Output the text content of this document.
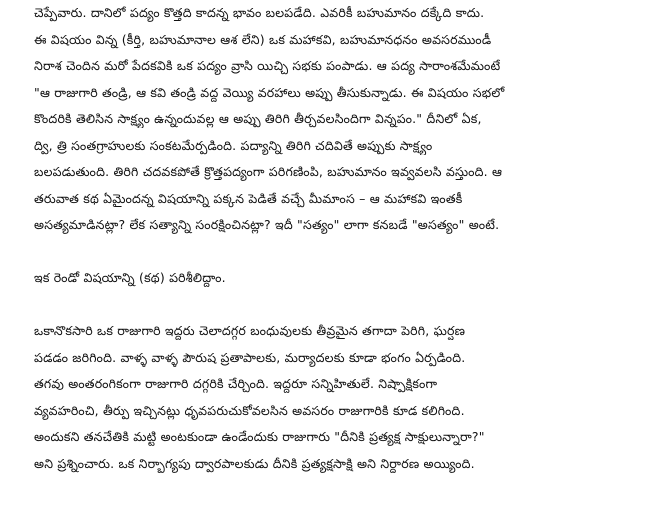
చెప్పేవారు. దానిలో పద్యం కొత్తది కాదన్న భావం బలపడేది. ఎవరికీ బహుమానం దక్కేది కాదు.
ఈ విషయం విన్న (కీర్తి, బహుమానాల ఆశ లేని) ఒక మహాకవి, బహుమానధనం అవసరముండీ
నిరాశ చెందిన మరో పేదకవికి ఒక పద్యం వ్రాసి యిచ్చి సభకు పంపాడు. ఆ పద్య సారాంశమేమంటే
"ఆ రాజుగారి తండ్రి, ఆ కవి తండ్రి వద్ద వెయ్యి వరహాలు అప్పు తీసుకున్నాడు. ఈ విషయం సభలో
కొందరికి తెలిసిన సాక్ష్యం ఉన్నందువల్ల ఆ అప్పు తిరిగి తీర్చవలసిందిగా విన్నపం." దీనిలో ఏక,
ద్వి, త్రి సంతగ్రాహులకు సంకటమేర్పడింది. పద్యాన్ని తిరిగి చదివితే అప్పుకు సాక్ష్యం
బలపడుతుంది. తిరిగి చదవకపోతే క్రొత్తపద్యంగా పరిగణింపి, బహుమానం ఇవ్వవలసి వస్తుంది. ఆ
తరువాత కథ ఏమైందన్న విషయాన్ని పక్కన పెడితే వచ్చే మీమాంస – ఆ మహాకవి ఇంతకీ
అసత్యమాడినట్లా? లేక సత్యాన్ని సంరక్షించినట్లా? ఇదీ "సత్యం" లాగా కనబడే "అసత్యం" అంటే.
ఇక రెండో విషయాన్ని (కథ) పరిశీలిద్దాం.
ఒకానొకసారి ఒక రాజుగారి ఇద్దరు చెలాదగ్గర బంధువులకు తీవ్రమైన తగాదా పెరిగి, ఘర్షణ
పడడం జరిగింది. వాళ్ళ వాళ్ళ పౌరుష ప్రతాపాలకు, మర్యాదలకు కూడా భంగం ఏర్పడింది.
తగవు అంతరంగికంగా రాజుగారి దగ్గరికి చేర్చింది. ఇద్దరూ సన్నిహితులే. నిష్పాక్షికంగా
వ్యవహరించి, తీర్పు ఇచ్చినట్లు ధృవపరుచుకోవలసిన అవసరం రాజుగారికి కూడ కలిగింది.
అందుకని తనచేతికి మట్టి అంటకుండా ఉండేందుకు రాజుగారు "దీనికి ప్రత్యక్ష సాక్షులున్నారా?"
అని ప్రశ్నించారు. ఒక నిర్భాగ్యపు ద్వారపాలకుడు దీనికి ప్రత్యక్షసాక్షి అని నిర్ధారణ అయ్యింది.
